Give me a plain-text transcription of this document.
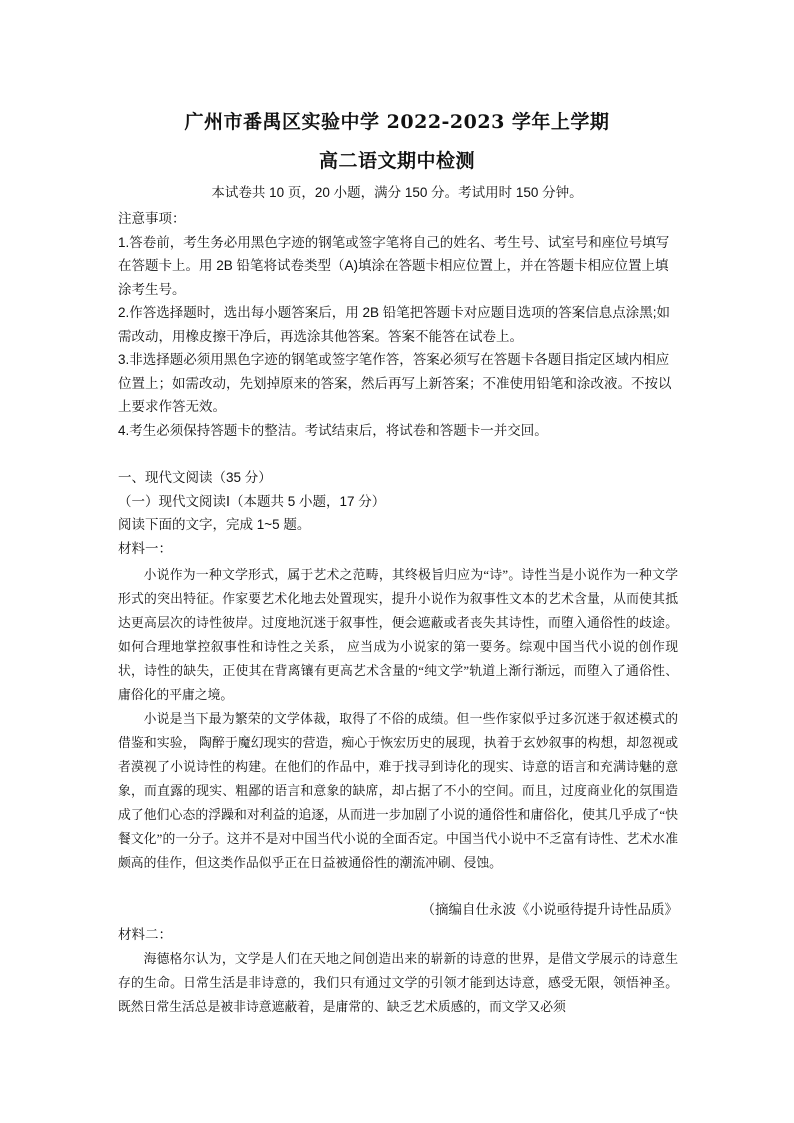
广州市番禺区实验中学 2022-2023 学年上学期
高二语文期中检测
本试卷共 10 页，20 小题，满分 150 分。考试用时 150 分钟。

注意事项：

1.答卷前，考生务必用黑色字迹的钢笔或签字笔将自己的姓名、考生号、试室号和座位号填写在答题卡上。用 2B 铅笔将试卷类型（A)填涂在答题卡相应位置上，并在答题卡相应位置上填涂考生号。

2.作答选择题时，选出每小题答案后，用 2B 铅笔把答题卡对应题目选项的答案信息点涂黑;如需改动，用橡皮擦干净后，再选涂其他答案。答案不能答在试卷上。

3.非选择题必须用黑色字迹的钢笔或签字笔作答，答案必须写在答题卡各题目指定区域内相应位置上；如需改动，先划掉原来的答案，然后再写上新答案；不准使用铅笔和涂改液。不按以上要求作答无效。

4.考生必须保持答题卡的整洁。考试结束后，将试卷和答题卡一并交回。

一、现代文阅读（35 分）

（一）现代文阅读Ⅰ（本题共 5 小题，17 分）

阅读下面的文字，完成 1~5 题。

材料一：

小说作为一种文学形式，属于艺术之范畴，其终极旨归应为“诗”。诗性当是小说作为一种文学形式的突出特征。作家要艺术化地去处置现实，提升小说作为叙事性文本的艺术含量，从而使其抵达更高层次的诗性彼岸。过度地沉迷于叙事性，便会遮蔽或者丧失其诗性，而堕入通俗性的歧途。如何合理地掌控叙事性和诗性之关系， 应当成为小说家的第一要务。综观中国当代小说的创作现状，诗性的缺失，正使其在背离镶有更高艺术含量的“纯文学”轨道上渐行渐远，而堕入了通俗性、庸俗化的平庸之境。

小说是当下最为繁荣的文学体裁，取得了不俗的成绩。但一些作家似乎过多沉迷于叙述模式的借鉴和实验， 陶醉于魔幻现实的营造，痴心于恢宏历史的展现，执着于玄妙叙事的构想，却忽视或者漠视了小说诗性的构建。在他们的作品中，难于找寻到诗化的现实、诗意的语言和充满诗魅的意象，而直露的现实、粗鄙的语言和意象的缺席，却占据了不小的空间。而且，过度商业化的氛围造成了他们心态的浮躁和对利益的追逐，从而进一步加剧了小说的通俗性和庸俗化，使其几乎成了“快餐文化”的一分子。这并不是对中国当代小说的全面否定。中国当代小说中不乏富有诗性、艺术水准颇高的佳作，但这类作品似乎正在日益被通俗性的潮流冲刷、侵蚀。

（摘编自仕永波《小说亟待提升诗性品质》
材料二：

海德格尔认为，文学是人们在天地之间创造出来的崭新的诗意的世界，是借文学展示的诗意生存的生命。日常生活是非诗意的，我们只有通过文学的引领才能到达诗意，感受无限，领悟神圣。既然日常生活总是被非诗意遮蔽着，是庸常的、缺乏艺术质感的，而文学又必须
